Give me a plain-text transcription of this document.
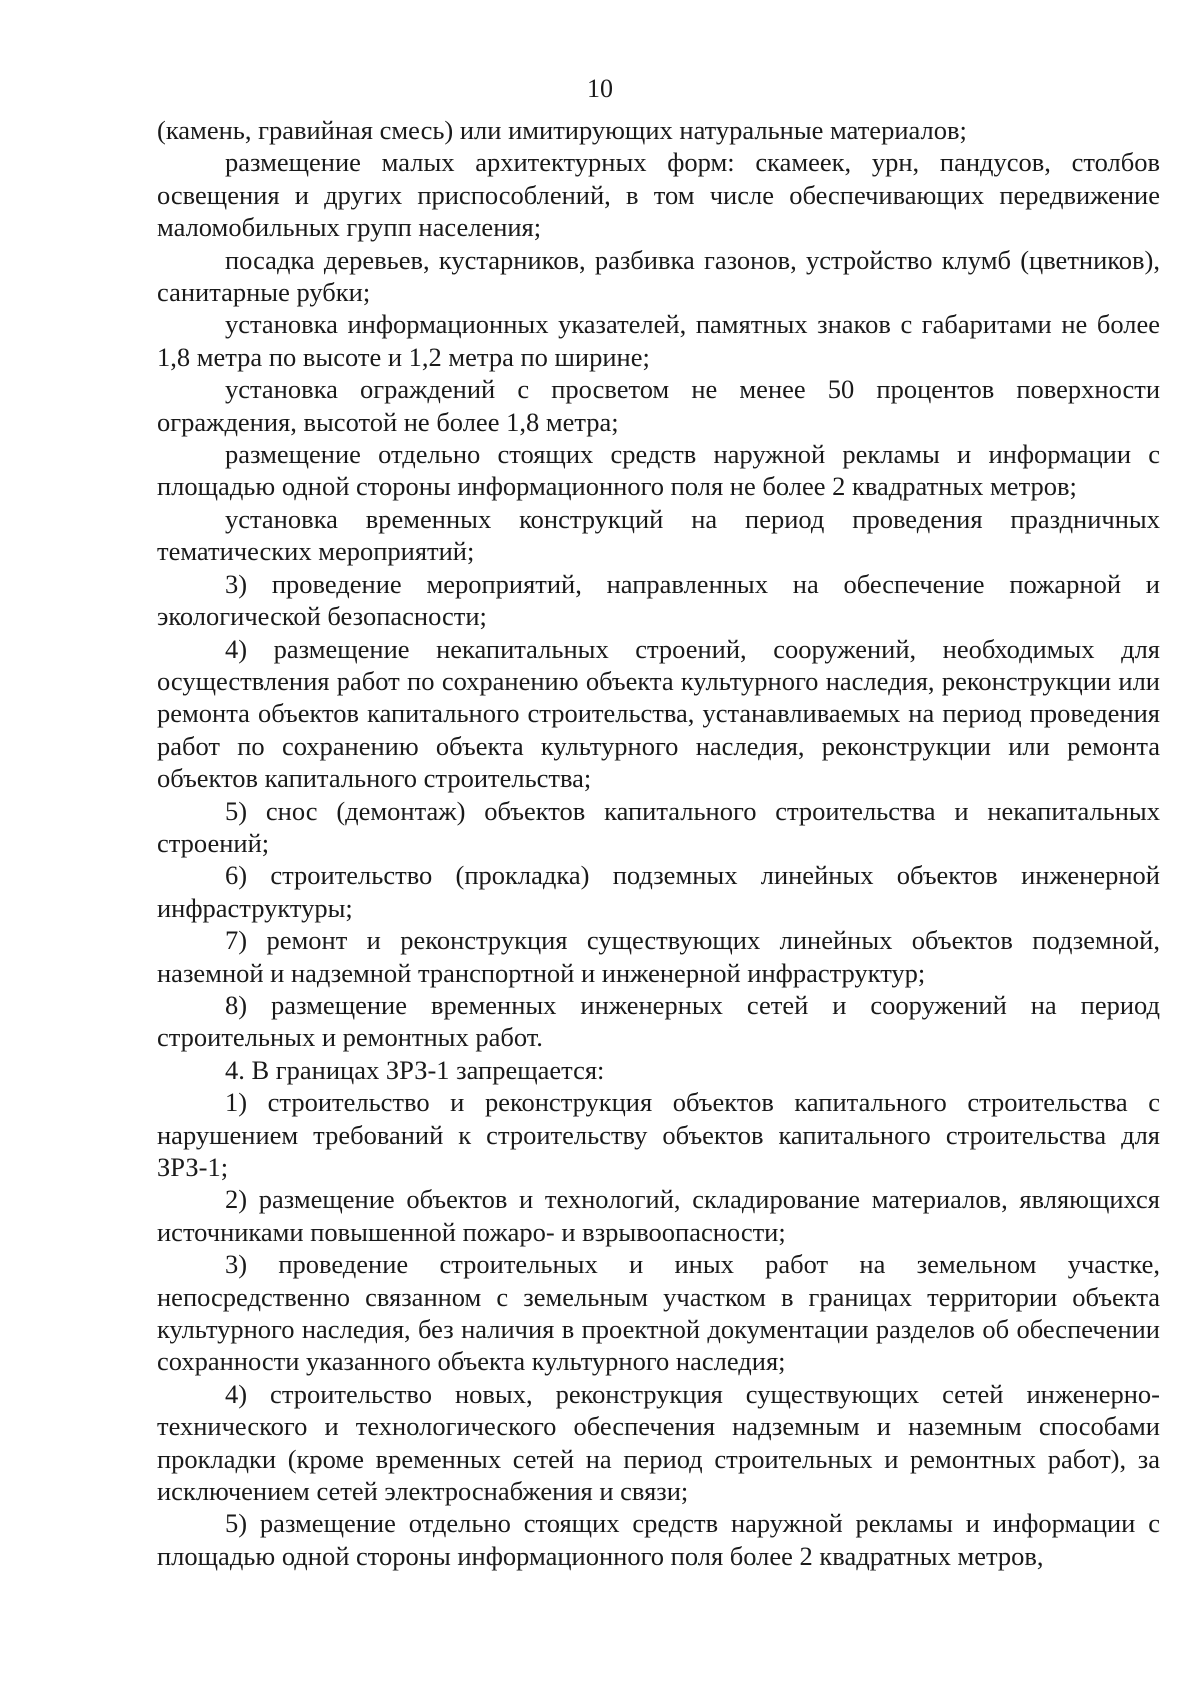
10

(камень, гравийная смесь) или имитирующих натуральные материалов;

размещение малых архитектурных форм: скамеек, урн, пандусов, столбов освещения и других приспособлений, в том числе обеспечивающих передвижение маломобильных групп населения;

посадка деревьев, кустарников, разбивка газонов, устройство клумб (цветников), санитарные рубки;

установка информационных указателей, памятных знаков с габаритами не более 1,8 метра по высоте и 1,2 метра по ширине;

установка ограждений с просветом не менее 50 процентов поверхности ограждения, высотой не более 1,8 метра;

размещение отдельно стоящих средств наружной рекламы и информации с площадью одной стороны информационного поля не более 2 квадратных метров;

установка временных конструкций на период проведения праздничных тематических мероприятий;

3) проведение мероприятий, направленных на обеспечение пожарной и экологической безопасности;

4) размещение некапитальных строений, сооружений, необходимых для осуществления работ по сохранению объекта культурного наследия, реконструкции или ремонта объектов капитального строительства, устанавливаемых на период проведения работ по сохранению объекта культурного наследия, реконструкции или ремонта объектов капитального строительства;

5) снос (демонтаж) объектов капитального строительства и некапитальных строений;

6) строительство (прокладка) подземных линейных объектов инженерной инфраструктуры;

7) ремонт и реконструкция существующих линейных объектов подземной, наземной и надземной транспортной и инженерной инфраструктур;

8) размещение временных инженерных сетей и сооружений на период строительных и ремонтных работ.

4. В границах ЗРЗ-1 запрещается:

1) строительство и реконструкция объектов капитального строительства с нарушением требований к строительству объектов капитального строительства для ЗРЗ-1;

2) размещение объектов и технологий, складирование материалов, являющихся источниками повышенной пожаро- и взрывоопасности;

3) проведение строительных и иных работ на земельном участке, непосредственно связанном с земельным участком в границах территории объекта культурного наследия, без наличия в проектной документации разделов об обеспечении сохранности указанного объекта культурного наследия;

4) строительство новых, реконструкция существующих сетей инженерно-технического и технологического обеспечения надземным и наземным способами прокладки (кроме временных сетей на период строительных и ремонтных работ), за исключением сетей электроснабжения и связи;

5) размещение отдельно стоящих средств наружной рекламы и информации с площадью одной стороны информационного поля более 2 квадратных метров,
